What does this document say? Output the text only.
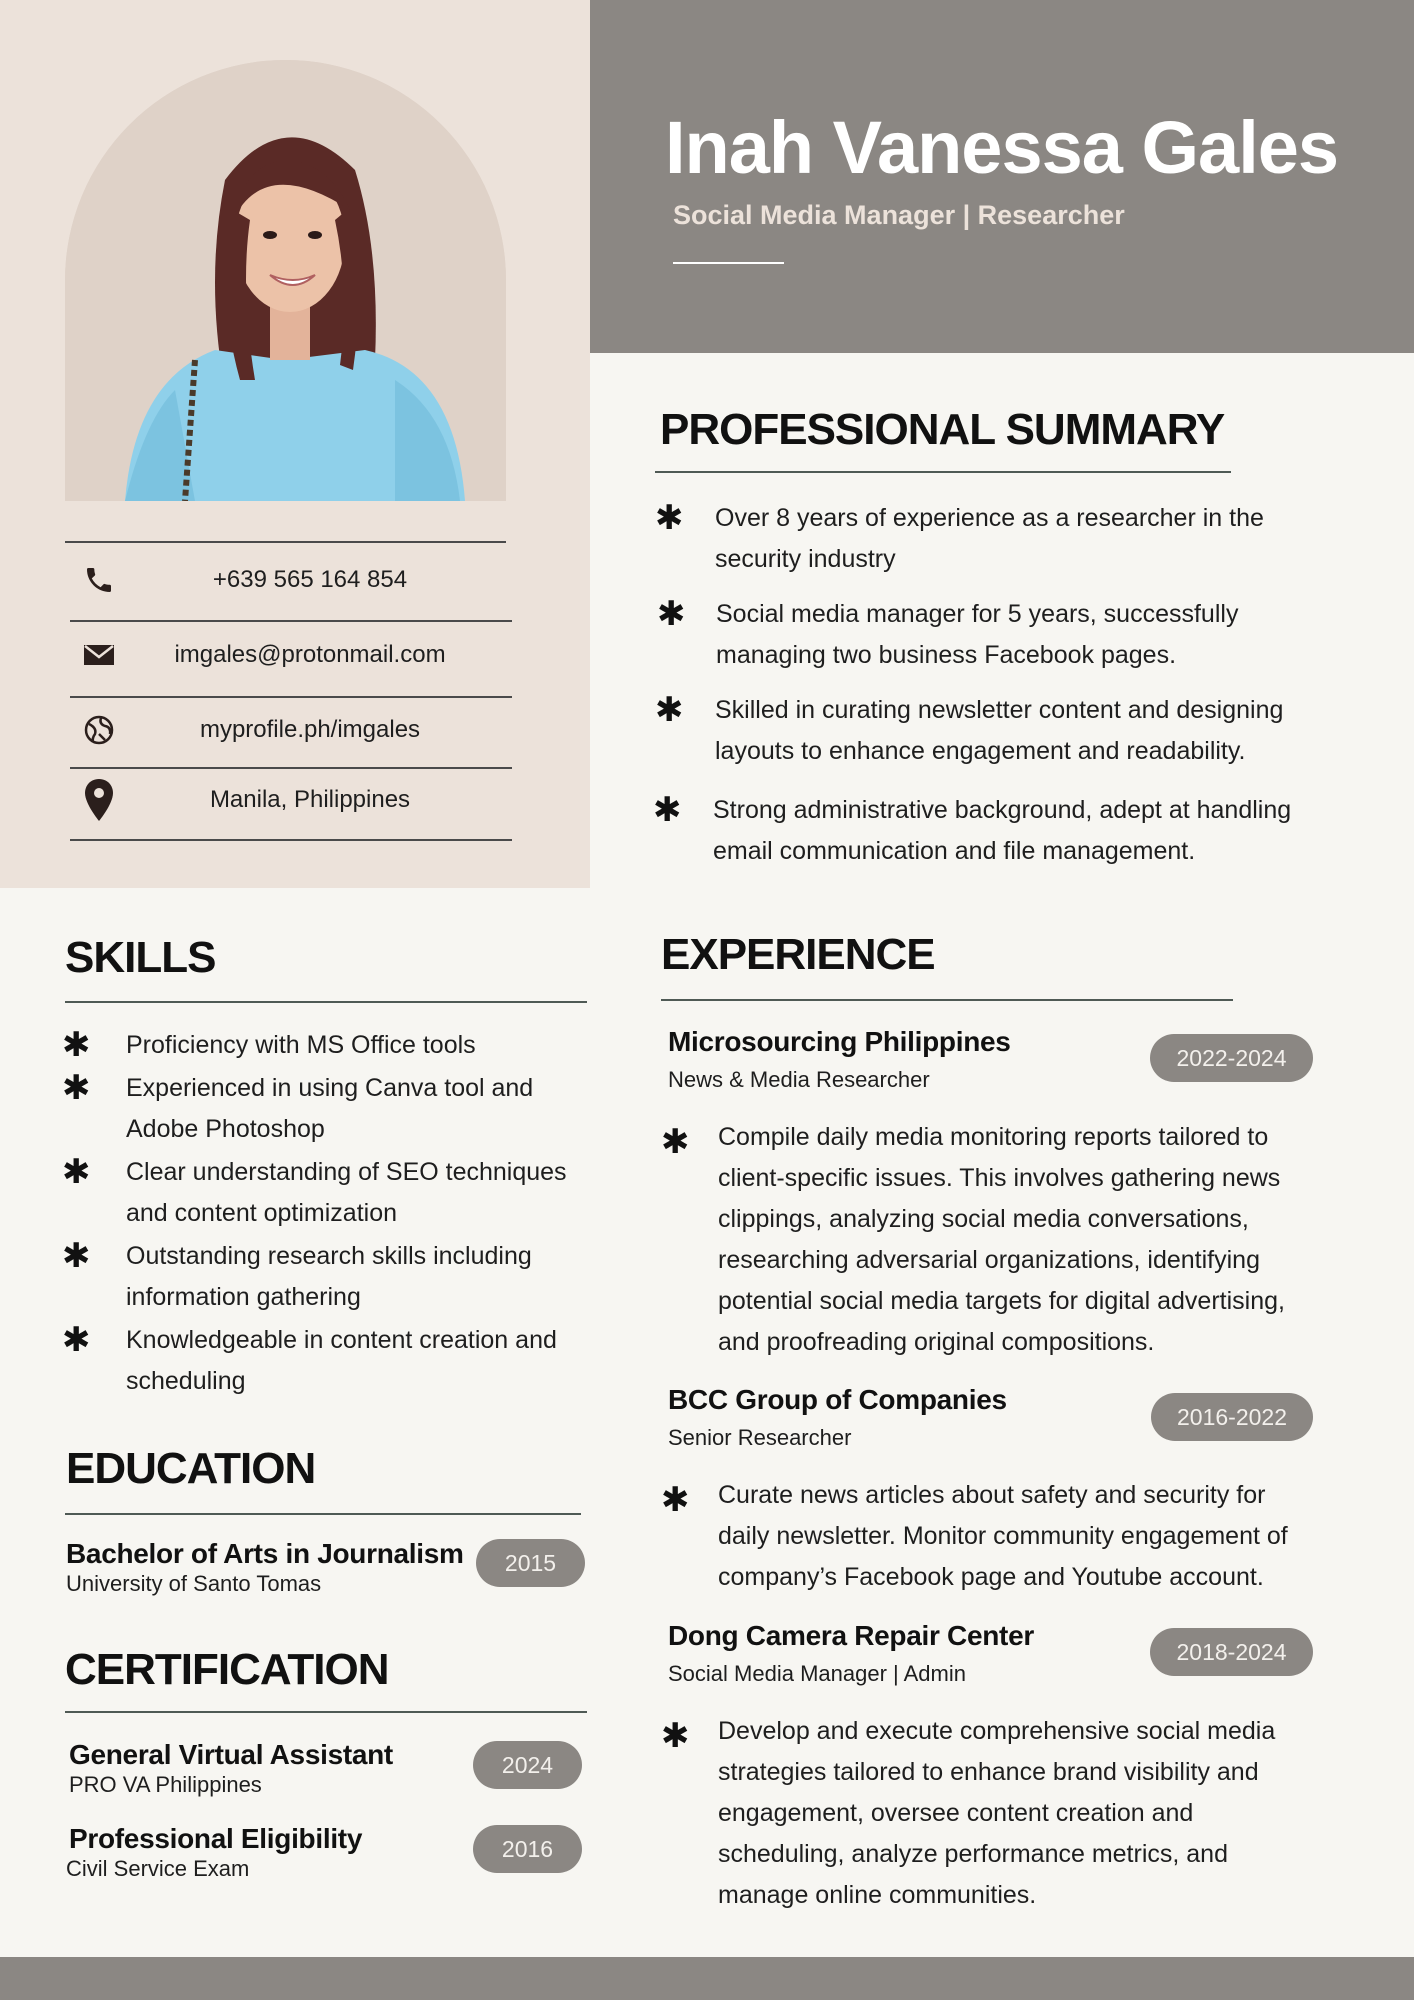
Inah Vanessa Gales
Social Media Manager | Researcher
+639 565 164 854
imgales@protonmail.com
myprofile.ph/imgales
Manila, Philippines
PROFESSIONAL SUMMARY
✱ Over 8 years of experience as a researcher in the security industry
✱ Social media manager for 5 years, successfully managing two business Facebook pages.
✱ Skilled in curating newsletter content and designing layouts to enhance engagement and readability.
✱ Strong administrative background, adept at handling email communication and file management.
SKILLS
✱ Proficiency with MS Office tools
✱ Experienced in using Canva tool and Adobe Photoshop
✱ Clear understanding of SEO techniques and content optimization
✱ Outstanding research skills including information gathering
✱ Knowledgeable in content creation and scheduling
EDUCATION
Bachelor of Arts in Journalism
University of Santo Tomas
2015
CERTIFICATION
General Virtual Assistant
PRO VA Philippines
2024
Professional Eligibility
Civil Service Exam
2016
EXPERIENCE
Microsourcing Philippines
News & Media Researcher
2022-2024
✱ Compile daily media monitoring reports tailored to client-specific issues. This involves gathering news clippings, analyzing social media conversations, researching adversarial organizations, identifying potential social media targets for digital advertising, and proofreading original compositions.
BCC Group of Companies
Senior Researcher
2016-2022
✱ Curate news articles about safety and security for daily newsletter. Monitor community engagement of company’s Facebook page and Youtube account.
Dong Camera Repair Center
Social Media Manager | Admin
2018-2024
✱ Develop and execute comprehensive social media strategies tailored to enhance brand visibility and engagement, oversee content creation and scheduling, analyze performance metrics, and manage online communities.
